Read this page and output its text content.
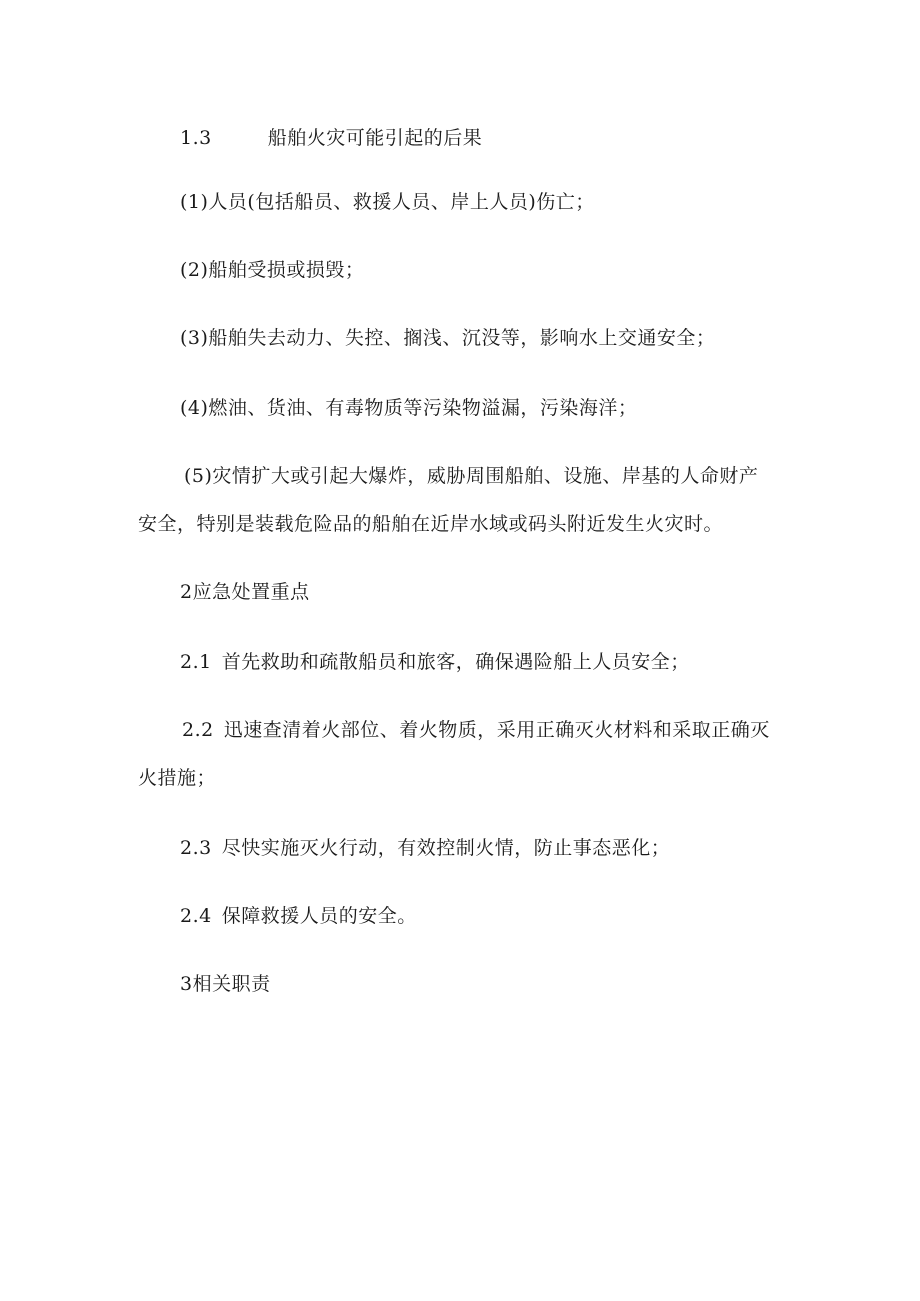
1.3	船舶火灾可能引起的后果
(1)人员(包括船员、救援人员、岸上人员)伤亡；
(2)船舶受损或损毁；
(3)船舶失去动力、失控、搁浅、沉没等，影响水上交通安全；
(4)燃油、货油、有毒物质等污染物溢漏，污染海洋；
(5)灾情扩大或引起大爆炸，威胁周围船舶、设施、岸基的人命财产
安全，特别是装载危险品的船舶在近岸水域或码头附近发生火灾时。
2应急处置重点
2.1 首先救助和疏散船员和旅客，确保遇险船上人员安全；
2.2 迅速查清着火部位、着火物质，采用正确灭火材料和采取正确灭
火措施；
2.3 尽快实施灭火行动，有效控制火情，防止事态恶化；
2.4 保障救援人员的安全。
3相关职责
